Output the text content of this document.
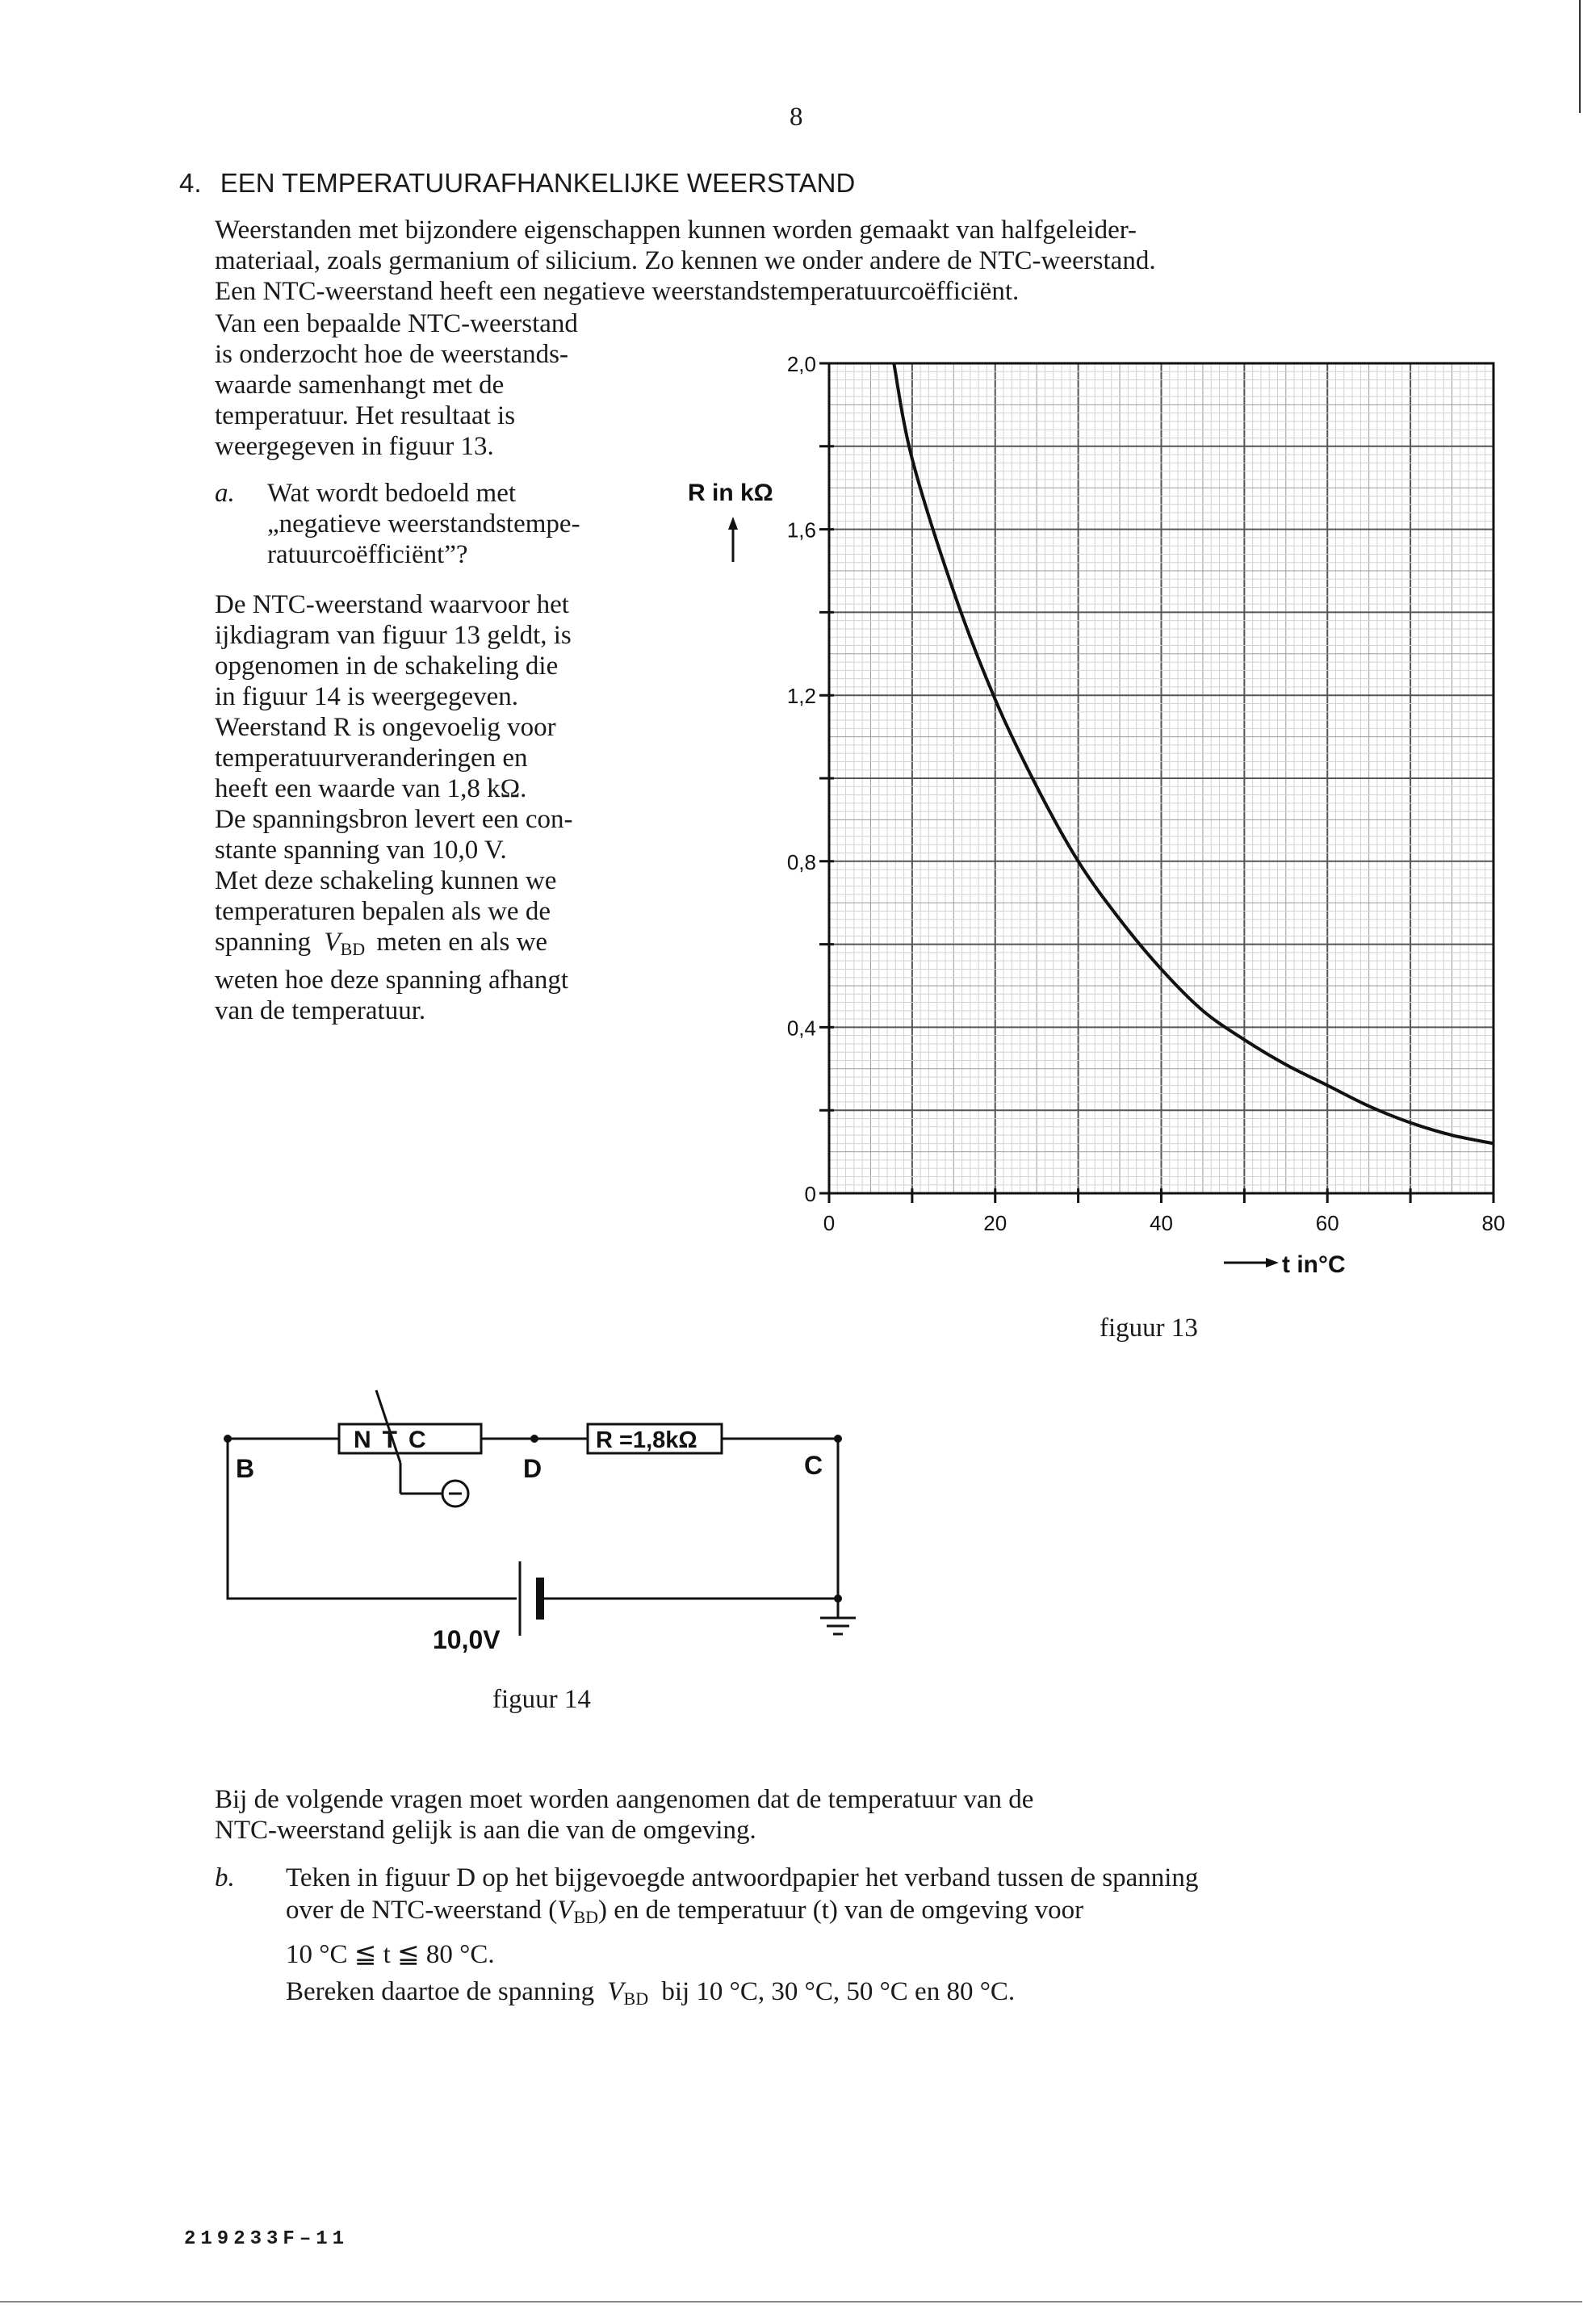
8
4. EEN TEMPERATUURAFHANKELIJKE WEERSTAND
Weerstanden met bijzondere eigenschappen kunnen worden gemaakt van halfgeleider-
materiaal, zoals germanium of silicium. Zo kennen we onder andere de NTC-weerstand.
Een NTC-weerstand heeft een negatieve weerstandstemperatuurcoëfficiënt.
Van een bepaalde NTC-weerstand
is onderzocht hoe de weerstands-
waarde samenhangt met de
temperatuur. Het resultaat is
weergegeven in figuur 13.
a. Wat wordt bedoeld met
„negatieve weerstandstempe-
ratuurcoëfficiënt”?
De NTC-weerstand waarvoor het
ijkdiagram van figuur 13 geldt, is
opgenomen in de schakeling die
in figuur 14 is weergegeven.
Weerstand R is ongevoelig voor
temperatuurveranderingen en
heeft een waarde van 1,8 kΩ.
De spanningsbron levert een con-
stante spanning van 10,0 V.
Met deze schakeling kunnen we
temperaturen bepalen als we de
spanning $V_{BD}$ meten en als we
weten hoe deze spanning afhangt
van de temperatuur.
0
0,4
0,8
1,2
1,6
2,0
0	20	40	60	80
R in kΩ
t in°C
figuur 13
NTC	R =1,8kΩ
B	D	C
10,0V
figuur 14
Bij de volgende vragen moet worden aangenomen dat de temperatuur van de
NTC-weerstand gelijk is aan die van de omgeving.
b. Teken in figuur D op het bijgevoegde antwoordpapier het verband tussen de spanning
over de NTC-weerstand $(V_{BD})$ en de temperatuur (t) van de omgeving voor
10 °C ≦ t ≦ 80 °C.
Bereken daartoe de spanning $V_{BD}$ bij 10 °C, 30 °C, 50 °C en 80 °C.
219233F–11
